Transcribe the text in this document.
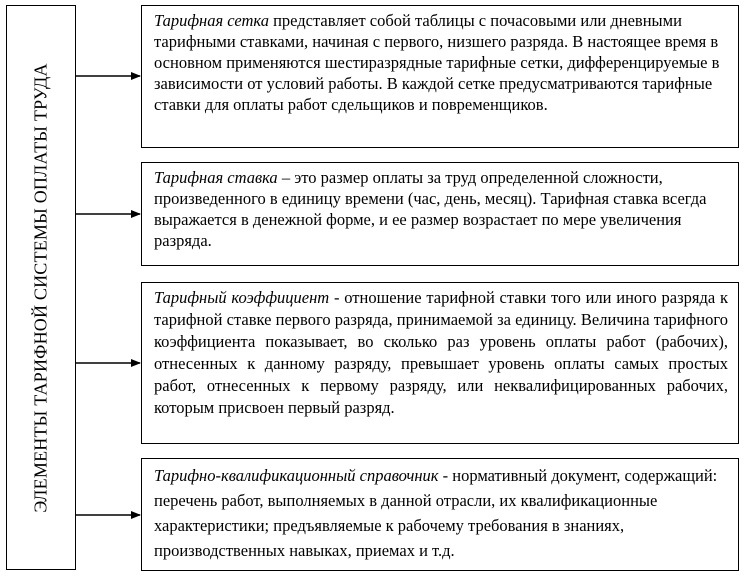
ЭЛЕМЕНТЫ ТАРИФНОЙ СИСТЕМЫ ОПЛАТЫ ТРУДА
Тарифная сетка представляет собой таблицы с почасовыми или дневными тарифными ставками, начиная с первого, низшего разряда. В настоящее время в основном применяются шестиразрядные тарифные сетки, дифференцируемые в зависимости от условий работы. В каждой сетке предусматриваются тарифные ставки для оплаты работ сдельщиков и повременщиков.
Тарифная ставка – это размер оплаты за труд определенной сложности, произведенного в единицу времени (час, день, месяц). Тарифная ставка всегда выражается в денежной форме, и ее размер возрастает по мере увеличения разряда.
Тарифный коэффициент - отношение тарифной ставки того или иного разряда к тарифной ставке первого разряда, принимаемой за единицу. Величина тарифного коэффициента показывает, во сколько раз уровень оплаты работ (рабочих), отнесенных к данному разряду, превышает уровень оплаты самых простых работ, отнесенных к первому разряду, или неквалифицированных рабочих, которым присвоен первый разряд.
Тарифно-квалификационный справочник - нормативный документ, содержащий: перечень работ, выполняемых в данной отрасли, их квалификационные характеристики; предъявляемые к рабочему требования в знаниях, производственных навыках, приемах и т.д.
